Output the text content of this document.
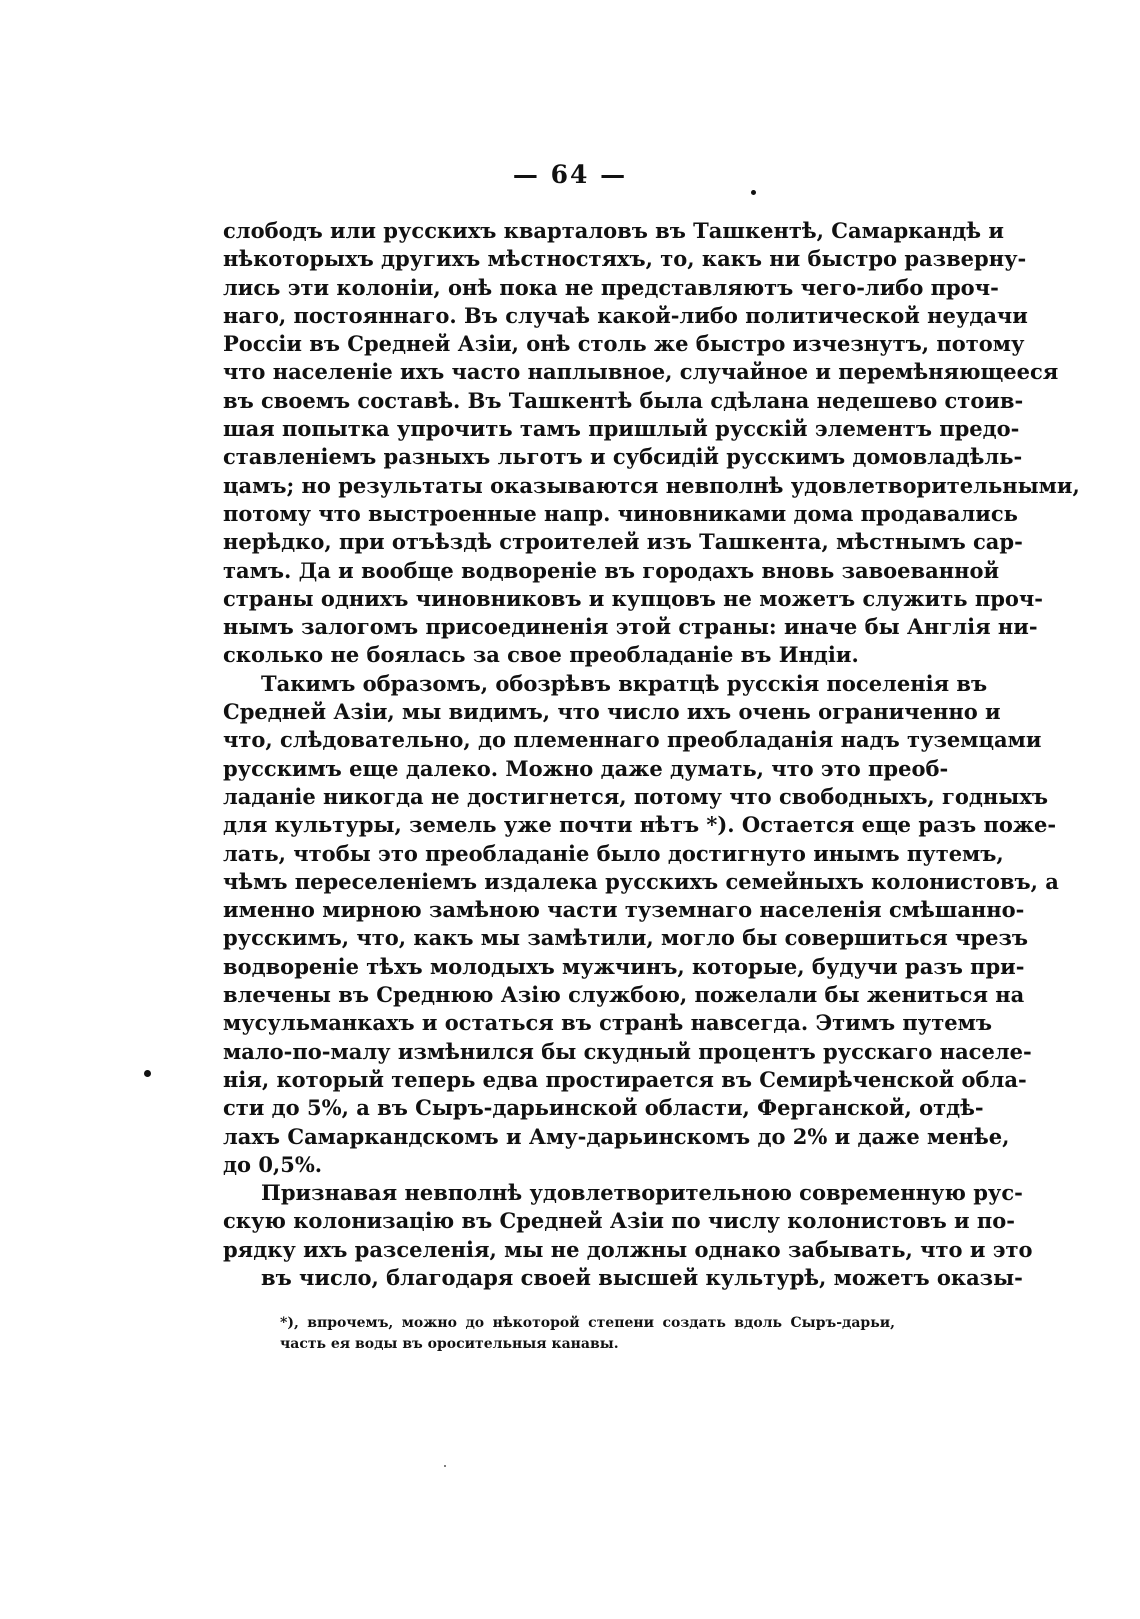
— 64 —
слободъ или русскихъ кварталовъ въ Ташкентѣ, Самаркандѣ и
нѣкоторыхъ другихъ мѣстностяхъ, то, какъ ни быстро разверну-
лись эти колоніи, онѣ пока не представляютъ чего-либо проч-
наго, постояннаго. Въ случаѣ какой-либо политической неудачи
Россіи въ Средней Азіи, онѣ столь же быстро изчезнутъ, потому
что населеніе ихъ часто наплывное, случайное и перемѣняющееся
въ своемъ составѣ. Въ Ташкентѣ была сдѣлана недешево стоив-
шая попытка упрочить тамъ пришлый русскій элементъ предо-
ставленіемъ разныхъ льготъ и субсидій русскимъ домовладѣль-
цамъ; но результаты оказываются невполнѣ удовлетворительными,
потому что выстроенные напр. чиновниками дома продавались
нерѣдко, при отъѣздѣ строителей изъ Ташкента, мѣстнымъ сар-
тамъ. Да и вообще водвореніе въ городахъ вновь завоеванной
страны однихъ чиновниковъ и купцовъ не можетъ служить проч-
нымъ залогомъ присоединенія этой страны: иначе бы Англія ни-
сколько не боялась за свое преобладаніе въ Индіи.
Такимъ образомъ, обозрѣвъ вкратцѣ русскія поселенія въ
Средней Азіи, мы видимъ, что число ихъ очень ограниченно и
что, слѣдовательно, до племеннаго преобладанія надъ туземцами
русскимъ еще далеко. Можно даже думать, что это преоб-
ладаніе никогда не достигнется, потому что свободныхъ, годныхъ
для культуры, земель уже почти нѣтъ *). Остается еще разъ поже-
лать, чтобы это преобладаніе было достигнуто инымъ путемъ,
чѣмъ переселеніемъ издалека русскихъ семейныхъ колонистовъ, а
именно мирною замѣною части туземнаго населенія смѣшанно-
русскимъ, что, какъ мы замѣтили, могло бы совершиться чрезъ
водвореніе тѣхъ молодыхъ мужчинъ, которые, будучи разъ при-
влечены въ Среднюю Азію службою, пожелали бы жениться на
мусульманкахъ и остаться въ странѣ навсегда. Этимъ путемъ
мало-по-малу измѣнился бы скудный процентъ русскаго населе-
нія, который теперь едва простирается въ Семирѣченской обла-
сти до 5%, а въ Сыръ-дарьинской области, Ферганской, отдѣ-
лахъ Самаркандскомъ и Аму-дарьинскомъ до 2% и даже менѣе,
до 0,5%.
Признавая невполнѣ удовлетворительною современную рус-
скую колонизацію въ Средней Азіи по числу колонистовъ и по-
рядку ихъ разселенія, мы не должны однако забывать, что и это
въ число, благодаря своей высшей культурѣ, можетъ оказы-
*), впрочемъ, можно до нѣкоторой степени создать вдоль Сыръ-дарьи,
часть ея воды въ оросительныя канавы.
